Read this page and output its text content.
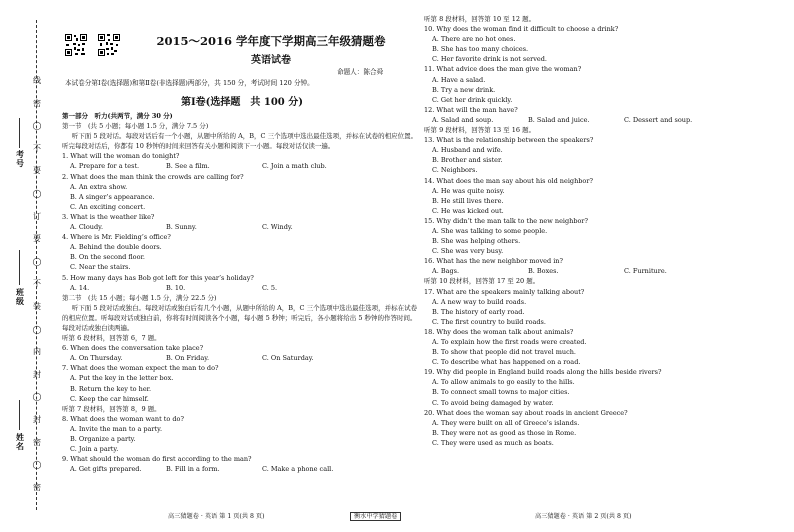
线
密
◯
不
要
◯
订
要
◯
不
装
◯
内
封
◯
封
密
◯
密
考号
班级
姓名
2015～2016 学年度下学期高三年级猜题卷
英语试卷
命题人：陈合舜
本试卷分第Ⅰ卷(选择题)和第Ⅱ卷(非选择题)两部分，共 150 分，考试时间 120 分钟。
第Ⅰ卷(选择题　共 100 分)
第一部分　听力(共两节，满分 30 分)
第一节　(共 5 小题；每小题 1.5 分，满分 7.5 分)
听下面 5 段对话。每段对话后有一个小题，从题中所给的 A，B，C 三个选项中选出最佳选项，并标在试卷的相应位置。听完每段对话后，你都有 10 秒钟的时间来回答有关小题和阅读下一小题。每段对话仅读一遍。
1. What will the woman do tonight?
A. Prepare for a test.	B. See a film.	C. Join a math club.
2. What does the man think the crowds are calling for?
A. An extra show.
B. A singer’s appearance.
C. An exciting concert.
3. What is the weather like?
A. Cloudy.	B. Sunny.	C. Windy.
4. Where is Mr. Fielding’s office?
A. Behind the double doors.
B. On the second floor.
C. Near the stairs.
5. How many days has Bob got left for this year’s holiday?
A. 14.	B. 10.	C. 5.
第二节　(共 15 小题；每小题 1.5 分，满分 22.5 分)
听下面 5 段对话或独白。每段对话或独白后有几个小题，从题中所给的 A，B，C 三个选项中选出最佳选项，并标在试卷的相应位置。听每段对话或独白前，你将有时间阅读各个小题，每小题 5 秒钟；听完后，各小题将给出 5 秒钟的作答时间。每段对话或独白读两遍。
听第 6 段材料，回答第 6，7 题。
6. When does the conversation take place?
A. On Thursday.	B. On Friday.	C. On Saturday.
7. What does the woman expect the man to do?
A. Put the key in the letter box.
B. Return the key to her.
C. Keep the car himself.
听第 7 段材料，回答第 8，9 题。
8. What does the woman want to do?
A. Invite the man to a party.
B. Organize a party.
C. Join a party.
9. What should the woman do first according to the man?
A. Get gifts prepared.	B. Fill in a form.	C. Make a phone call.
听第 8 段材料，回答第 10 至 12 题。
10. Why does the woman find it difficult to choose a drink?
A. There are no hot ones.
B. She has too many choices.
C. Her favorite drink is not served.
11. What advice does the man give the woman?
A. Have a salad.
B. Try a new drink.
C. Get her drink quickly.
12. What will the man have?
A. Salad and soup.	B. Salad and juice.	C. Dessert and soup.
听第 9 段材料，回答第 13 至 16 题。
13. What is the relationship between the speakers?
A. Husband and wife.
B. Brother and sister.
C. Neighbors.
14. What does the man say about his old neighbor?
A. He was quite noisy.
B. He still lives there.
C. He was kicked out.
15. Why didn’t the man talk to the new neighbor?
A. She was talking to some people.
B. She was helping others.
C. She was very busy.
16. What has the new neighbor moved in?
A. Bags.	B. Boxes.	C. Furniture.
听第 10 段材料，回答第 17 至 20 题。
17. What are the speakers mainly talking about?
A. A new way to build roads.
B. The history of early road.
C. The first country to build roads.
18. Why does the woman talk about animals?
A. To explain how the first roads were created.
B. To show that people did not travel much.
C. To describe what has happened on a road.
19. Why did people in England build roads along the hills beside rivers?
A. To allow animals to go easily to the hills.
B. To connect small towns to major cities.
C. To avoid being damaged by water.
20. What does the woman say about roads in ancient Greece?
A. They were built on all of Greece’s islands.
B. They were not as good as those in Rome.
C. They were used as much as boats.
高三猜题卷 · 英语 第 1 页(共 8 页)	衡水中学猜题卷	高三猜题卷 · 英语 第 2 页(共 8 页)
